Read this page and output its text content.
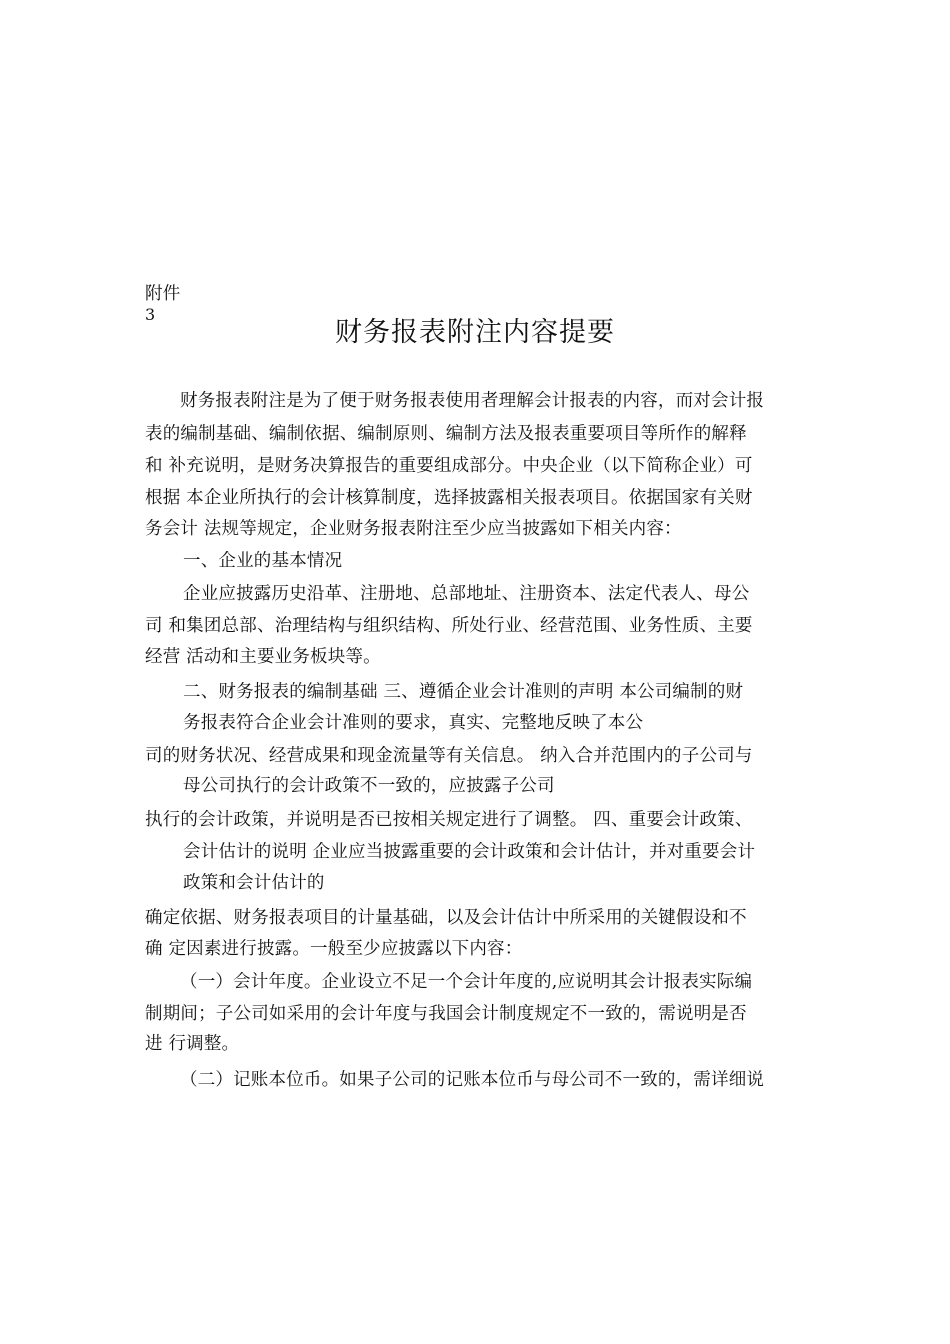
附件
3
财务报表附注内容提要
财务报表附注是为了便于财务报表使用者理解会计报表的内容，而对会计报
表的编制基础、编制依据、编制原则、编制方法及报表重要项目等所作的解释
和 补充说明，是财务决算报告的重要组成部分。中央企业（以下简称企业）可
根据 本企业所执行的会计核算制度，选择披露相关报表项目。依据国家有关财
务会计 法规等规定，企业财务报表附注至少应当披露如下相关内容：
一、企业的基本情况
企业应披露历史沿革、注册地、总部地址、注册资本、法定代表人、母公
司 和集团总部、治理结构与组织结构、所处行业、经营范围、业务性质、主要
经营 活动和主要业务板块等。
二、财务报表的编制基础 三、遵循企业会计准则的声明 本公司编制的财
务报表符合企业会计准则的要求，真实、完整地反映了本公
司的财务状况、经营成果和现金流量等有关信息。 纳入合并范围内的子公司与
母公司执行的会计政策不一致的，应披露子公司
执行的会计政策，并说明是否已按相关规定进行了调整。 四、重要会计政策、
会计估计的说明 企业应当披露重要的会计政策和会计估计，并对重要会计
政策和会计估计的
确定依据、财务报表项目的计量基础，以及会计估计中所采用的关键假设和不
确 定因素进行披露。一般至少应披露以下内容：
（一）会计年度。企业设立不足一个会计年度的,应说明其会计报表实际编
制期间；子公司如采用的会计年度与我国会计制度规定不一致的，需说明是否
进 行调整。
（二）记账本位币。如果子公司的记账本位币与母公司不一致的，需详细说
